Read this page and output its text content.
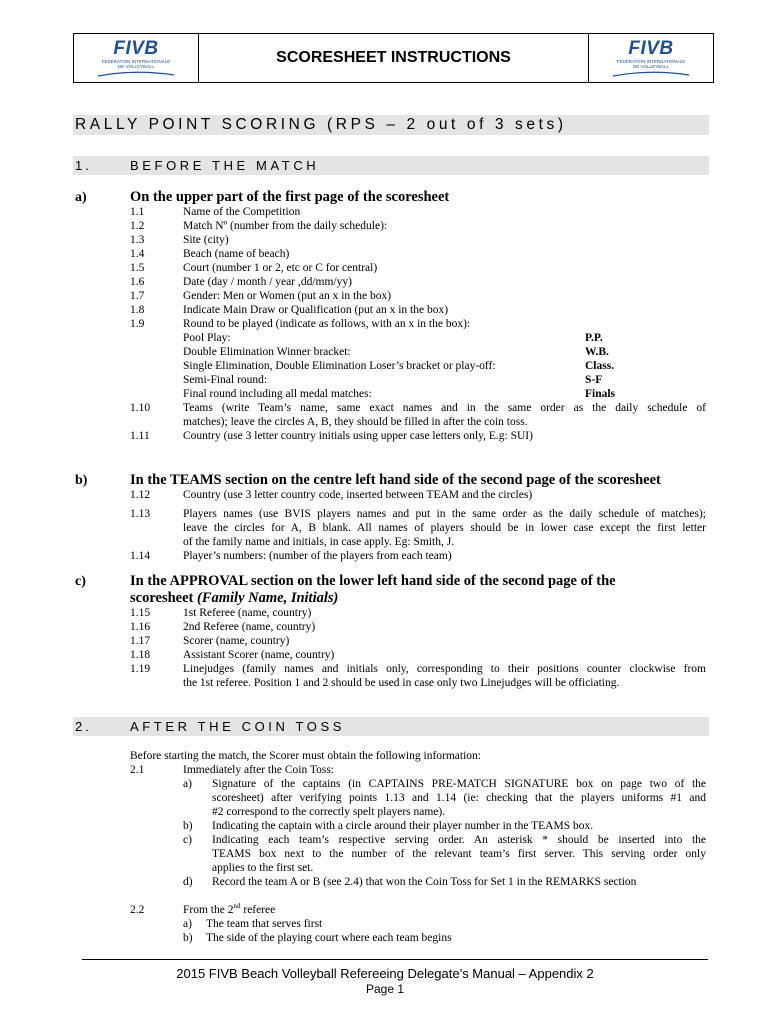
FIVB
FÉDÉRATION INTERNATIONALE
DE VOLLEYBALL
SCORESHEET INSTRUCTIONS	FIVB
FÉDÉRATION INTERNATIONALE
DE VOLLEYBALL
RALLY POINT SCORING (RPS – 2 out of 3 sets)
1.	BEFORE THE MATCH
a)	On the upper part of the first page of the scoresheet
1.1	Name of the Competition
1.2	Match Nº (number from the daily schedule):
1.3	Site (city)
1.4	Beach (name of beach)
1.5	Court (number 1 or 2, etc or C for central)
1.6	Date (day / month / year ,dd/mm/yy)
1.7	Gender: Men or Women (put an x in the box)
1.8	Indicate Main Draw or Qualification (put an x in the box)
1.9	Round to be played (indicate as follows, with an x in the box):
Pool Play:	P.P.
Double Elimination Winner bracket:	W.B.
Single Elimination, Double Elimination Loser’s bracket or play-off:	Class.
Semi-Final round:	S-F
Final round including all medal matches:	Finals
1.10	Teams (write Team’s name, same exact names and in the same order as the daily schedule of
matches); leave the circles A, B, they should be filled in after the coin toss.
1.11	Country (use 3 letter country initials using upper case letters only, E.g: SUI)
b)	In the TEAMS section on the centre left hand side of the second page of the scoresheet
1.12	Country (use 3 letter country code, inserted between TEAM and the circles)
1.13	Players names (use BVIS players names and put in the same order as the daily schedule of matches);
leave the circles for A, B blank. All names of players should be in lower case except the first letter
of the family name and initials, in case apply. Eg: Smith, J.
1.14	Player’s numbers: (number of the players from each team)
c)	In the APPROVAL section on the lower left hand side of the second page of the
scoresheet (Family Name, Initials)
1.15	1st Referee (name, country)
1.16	2nd Referee (name, country)
1.17	Scorer (name, country)
1.18	Assistant Scorer (name, country)
1.19	Linejudges (family names and initials only, corresponding to their positions counter clockwise from
the 1st referee. Position 1 and 2 should be used in case only two Linejudges will be officiating.
2.	AFTER THE COIN TOSS
Before starting the match, the Scorer must obtain the following information:
2.1	Immediately after the Coin Toss:
a) Signature of the captains (in CAPTAINS PRE-MATCH SIGNATURE box on page two of the
scoresheet) after verifying points 1.13 and 1.14 (ie: checking that the players uniforms #1 and
#2 correspond to the correctly spelt players name).
b) Indicating the captain with a circle around their player number in the TEAMS box.
c) Indicating each team’s respective serving order. An asterisk * should be inserted into the
TEAMS box next to the number of the relevant team’s first server. This serving order only
applies to the first set.
d) Record the team A or B (see 2.4) that won the Coin Toss for Set 1 in the REMARKS section
2.2	From the 2nd referee
a) The team that serves first
b) The side of the playing court where each team begins
2015 FIVB Beach Volleyball Refereeing Delegate’s Manual – Appendix 2
Page 1
